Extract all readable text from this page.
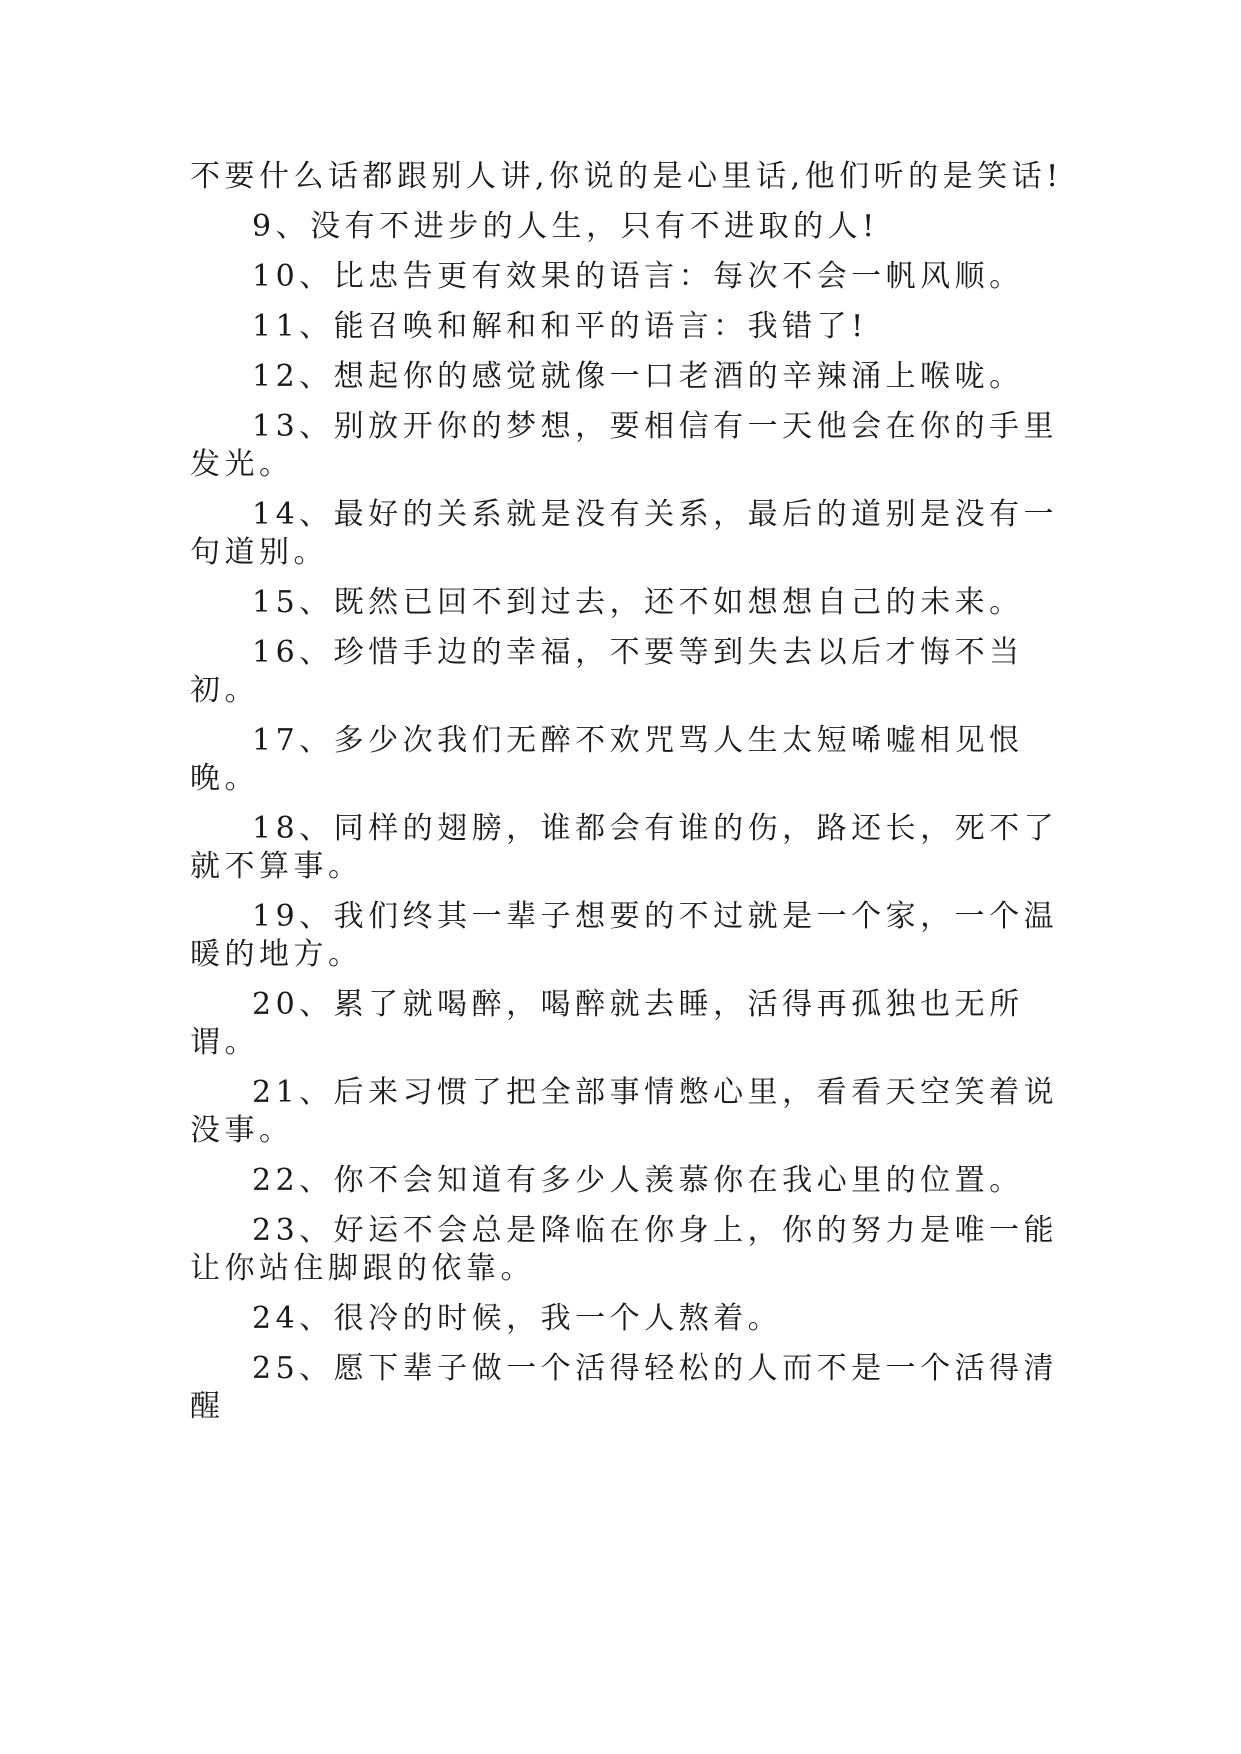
不要什么话都跟别人讲,你说的是心里话,他们听的是笑话!

9、没有不进步的人生，只有不进取的人!

10、比忠告更有效果的语言：每次不会一帆风顺。

11、能召唤和解和和平的语言：我错了!

12、想起你的感觉就像一口老酒的辛辣涌上喉咙。

13、别放开你的梦想，要相信有一天他会在你的手里发光。

14、最好的关系就是没有关系，最后的道别是没有一句道别。

15、既然已回不到过去，还不如想想自己的未来。

16、珍惜手边的幸福，不要等到失去以后才悔不当初。

17、多少次我们无醉不欢咒骂人生太短唏嘘相见恨晚。

18、同样的翅膀，谁都会有谁的伤，路还长，死不了就不算事。

19、我们终其一辈子想要的不过就是一个家，一个温暖的地方。

20、累了就喝醉，喝醉就去睡，活得再孤独也无所谓。

21、后来习惯了把全部事情憋心里，看看天空笑着说没事。

22、你不会知道有多少人羡慕你在我心里的位置。

23、好运不会总是降临在你身上，你的努力是唯一能让你站住脚跟的依靠。

24、很冷的时候，我一个人熬着。

25、愿下辈子做一个活得轻松的人而不是一个活得清醒
